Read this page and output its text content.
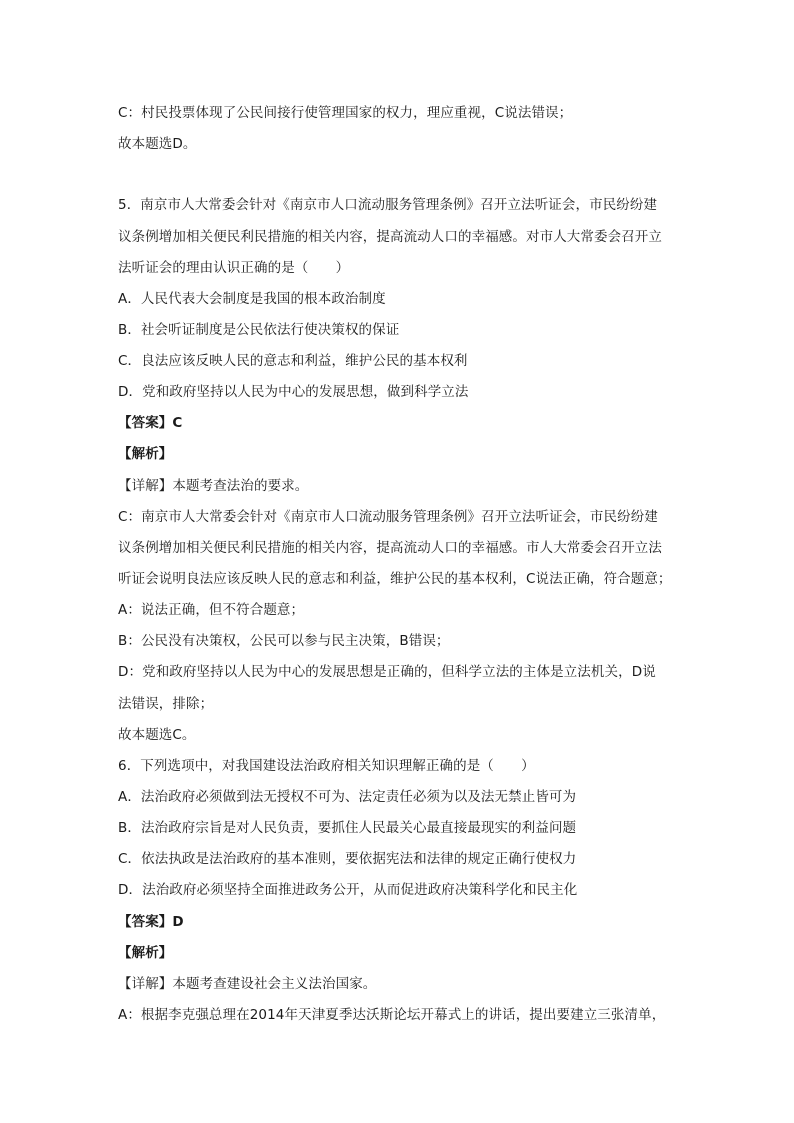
C：村民投票体现了公民间接行使管理国家的权力，理应重视，C说法错误；
故本题选D。
5．南京市人大常委会针对《南京市人口流动服务管理条例》召开立法听证会，市民纷纷建
议条例增加相关便民利民措施的相关内容，提高流动人口的幸福感。对市人大常委会召开立
法听证会的理由认识正确的是（　　）
A．人民代表大会制度是我国的根本政治制度
B．社会听证制度是公民依法行使决策权的保证
C．良法应该反映人民的意志和利益，维护公民的基本权利
D．党和政府坚持以人民为中心的发展思想，做到科学立法
【答案】C
【解析】
【详解】本题考查法治的要求。
C：南京市人大常委会针对《南京市人口流动服务管理条例》召开立法听证会，市民纷纷建
议条例增加相关便民利民措施的相关内容，提高流动人口的幸福感。市人大常委会召开立法
听证会说明良法应该反映人民的意志和利益，维护公民的基本权利，C说法正确，符合题意；
A：说法正确，但不符合题意；
B：公民没有决策权，公民可以参与民主决策，B错误；
D：党和政府坚持以人民为中心的发展思想是正确的，但科学立法的主体是立法机关，D说
法错误，排除；
故本题选C。
6．下列选项中，对我国建设法治政府相关知识理解正确的是（　　）
A．法治政府必须做到法无授权不可为、法定责任必须为以及法无禁止皆可为
B．法治政府宗旨是对人民负责，要抓住人民最关心最直接最现实的利益问题
C．依法执政是法治政府的基本准则，要依据宪法和法律的规定正确行使权力
D．法治政府必须坚持全面推进政务公开，从而促进政府决策科学化和民主化
【答案】D
【解析】
【详解】本题考查建设社会主义法治国家。
A：根据李克强总理在2014年天津夏季达沃斯论坛开幕式上的讲话，提出要建立三张清单，
